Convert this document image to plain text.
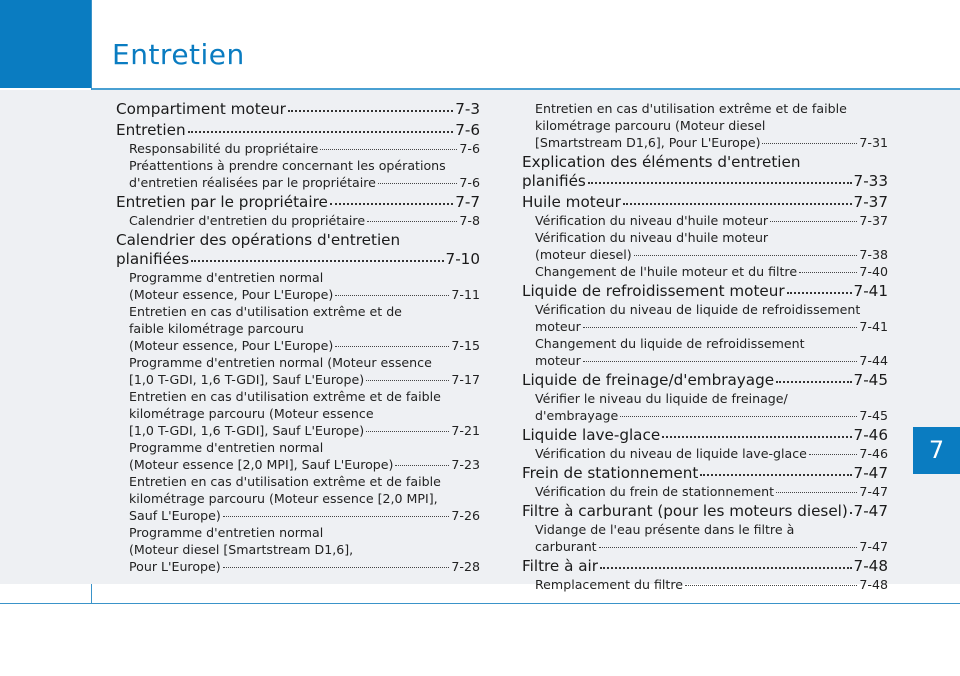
Entretien
7
Compartiment moteur	7-3
Entretien	7-6
Responsabilité du propriétaire	7-6
Préattentions à prendre concernant les opérations
d'entretien réalisées par le propriétaire	7-6
Entretien par le propriétaire	7-7
Calendrier d'entretien du propriétaire	7-8
Calendrier des opérations d'entretien
planifiées	7-10
Programme d'entretien normal
(Moteur essence, Pour L'Europe)	7-11
Entretien en cas d'utilisation extrême et de
faible kilométrage parcouru
(Moteur essence, Pour L'Europe)	7-15
Programme d'entretien normal (Moteur essence
[1,0 T-GDI, 1,6 T-GDI], Sauf L'Europe)	7-17
Entretien en cas d'utilisation extrême et de faible
kilométrage parcouru (Moteur essence
[1,0 T-GDI, 1,6 T-GDI], Sauf L'Europe)	7-21
Programme d'entretien normal
(Moteur essence [2,0 MPI], Sauf L'Europe)	7-23
Entretien en cas d'utilisation extrême et de faible
kilométrage parcouru (Moteur essence [2,0 MPI],
Sauf L'Europe)	7-26
Programme d'entretien normal
(Moteur diesel [Smartstream D1,6],
Pour L'Europe)	7-28
Entretien en cas d'utilisation extrême et de faible
kilométrage parcouru (Moteur diesel
[Smartstream D1,6], Pour L'Europe)	7-31
Explication des éléments d'entretien
planifiés	7-33
Huile moteur	7-37
Vérification du niveau d'huile moteur	7-37
Vérification du niveau d'huile moteur
(moteur diesel)	7-38
Changement de l'huile moteur et du filtre	7-40
Liquide de refroidissement moteur	7-41
Vérification du niveau de liquide de refroidissement
moteur	7-41
Changement du liquide de refroidissement
moteur	7-44
Liquide de freinage/d'embrayage	7-45
Vérifier le niveau du liquide de freinage/
d'embrayage	7-45
Liquide lave-glace	7-46
Vérification du niveau de liquide lave-glace	7-46
Frein de stationnement	7-47
Vérification du frein de stationnement	7-47
Filtre à carburant (pour les moteurs diesel) 7-47
Vidange de l'eau présente dans le filtre à
carburant	7-47
Filtre à air	7-48
Remplacement du filtre	7-48
